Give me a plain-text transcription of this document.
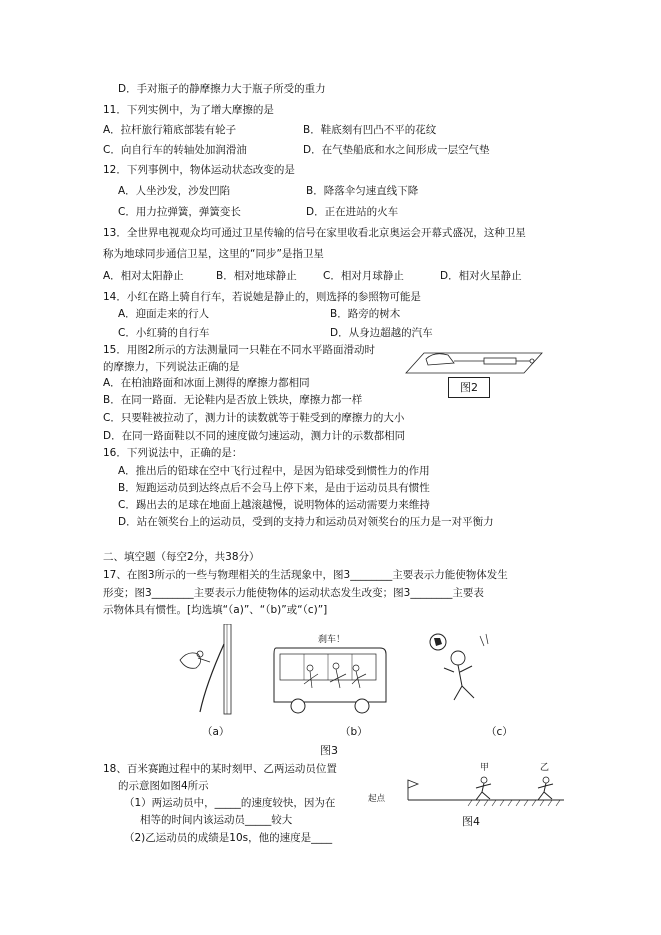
D．手对瓶子的静摩擦力大于瓶子所受的重力
11．下列实例中，为了增大摩擦的是
A．拉杆旅行箱底部装有轮子	B．鞋底刻有凹凸不平的花纹
C．向自行车的转轴处加润滑油	D．在气垫船底和水之间形成一层空气垫
12．下列事例中，物体运动状态改变的是
A．人坐沙发，沙发凹陷	B．降落伞匀速直线下降
C．用力拉弹簧，弹簧变长	D．正在进站的火车
13．全世界电视观众均可通过卫星传输的信号在家里收看北京奥运会开幕式盛况，这种卫星
称为地球同步通信卫星，这里的“同步”是指卫星
A．相对太阳静止	B．相对地球静止	C．相对月球静止	D．相对火星静止
14．小红在路上骑自行车，若说她是静止的，则选择的参照物可能是
A．迎面走来的行人	B．路旁的树木
C．小红骑的自行车	D．从身边超越的汽车
15．用图2所示的方法测量同一只鞋在不同水平路面滑动时
的摩擦力，下列说法正确的是
A．在柏油路面和冰面上测得的摩擦力都相同
B．在同一路面．无论鞋内是否放上铁块，摩擦力都一样
C．只要鞋被拉动了，测力计的读数就等于鞋受到的摩擦力的大小
D．在同一路面鞋以不同的速度做匀速运动，测力计的示数都相同
图2
16．下列说法中，正确的是：
A．推出后的铅球在空中飞行过程中，是因为铅球受到惯性力的作用
B．短跑运动员到达终点后不会马上停下来，是由于运动员具有惯性
C．踢出去的足球在地面上越滚越慢，说明物体的运动需要力来维持
D．站在领奖台上的运动员，受到的支持力和运动员对领奖台的压力是一对平衡力
二、填空题（每空2分，共38分）
17、在图3所示的一些与物理相关的生活现象中，图3________主要表示力能使物体发生
形变；图3________主要表示力能使物体的运动状态发生改变；图3________主要表
示物体具有惯性。[均选填“（a)”、“（b)”或“（c)”]
刹车！
（a）	（b）	（c）
图3
18、百米赛跑过程中的某时刻甲、乙两运动员位置
的示意图如图4所示
（1）两运动员中，_____的速度较快，因为在
相等的时间内该运动员_____较大
（2)乙运动员的成绩是10s，他的速度是____
起点
甲	乙
图4
